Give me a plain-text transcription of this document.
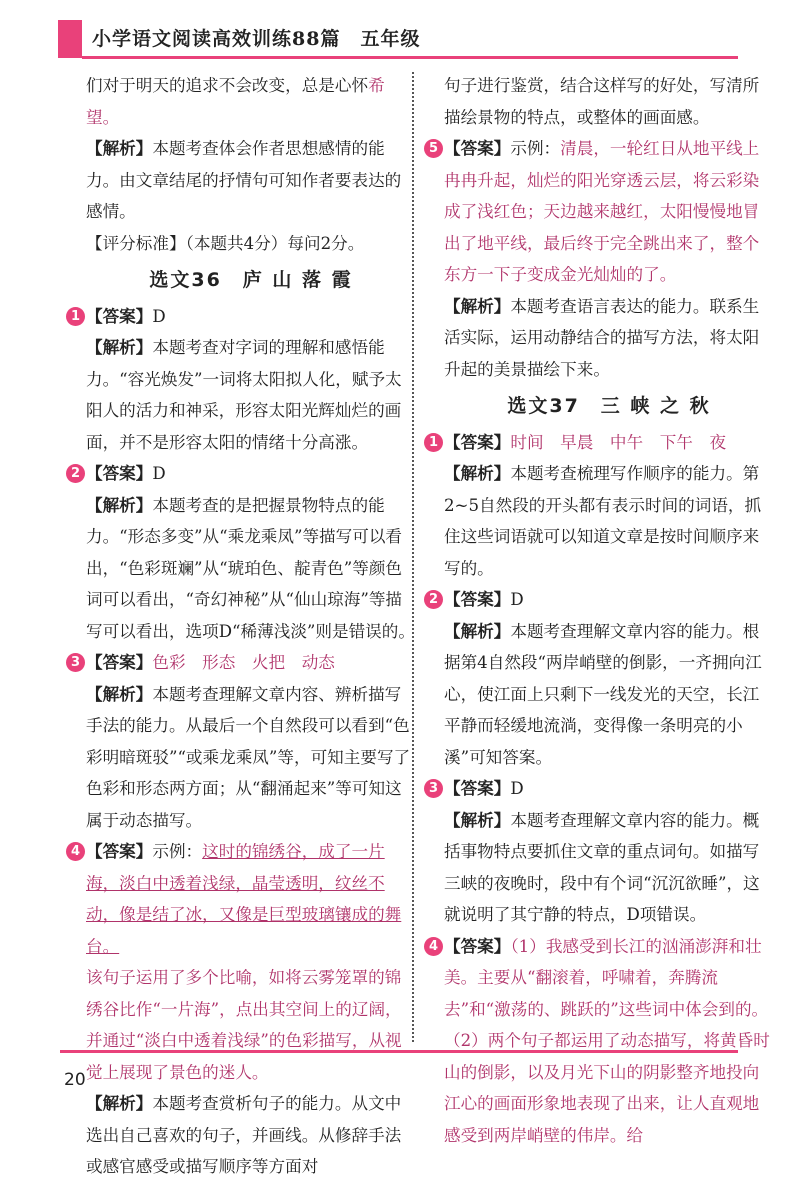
小学语文阅读高效训练88篇　五年级

们对于明天的追求不会改变，总是心怀希望。

【解析】本题考查体会作者思想感情的能力。由文章结尾的抒情句可知作者要表达的感情。

【评分标准】（本题共4分）每问2分。

选文36　庐 山 落 霞
1 【答案】D

【解析】本题考查对字词的理解和感悟能力。“容光焕发”一词将太阳拟人化，赋予太阳人的活力和神采，形容太阳光辉灿烂的画面，并不是形容太阳的情绪十分高涨。

2 【答案】D

【解析】本题考查的是把握景物特点的能力。“形态多变”从“乘龙乘凤”等描写可以看出，“色彩斑斓”从“琥珀色、靛青色”等颜色词可以看出，“奇幻神秘”从“仙山琼海”等描写可以看出，选项D“稀薄浅淡”则是错误的。

3 【答案】色彩　形态　火把　动态

【解析】本题考查理解文章内容、辨析描写手法的能力。从最后一个自然段可以看到“色彩明暗斑驳”“或乘龙乘凤”等，可知主要写了色彩和形态两方面；从“翻涌起来”等可知这属于动态描写。

4 【答案】示例：这时的锦绣谷，成了一片海，淡白中透着浅绿，晶莹透明，纹丝不动，像是结了冰，又像是巨型玻璃镶成的舞台。

该句子运用了多个比喻，如将云雾笼罩的锦绣谷比作“一片海”，点出其空间上的辽阔，并通过“淡白中透着浅绿”的色彩描写，从视觉上展现了景色的迷人。

【解析】本题考查赏析句子的能力。从文中选出自己喜欢的句子，并画线。从修辞手法或感官感受或描写顺序等方面对

句子进行鉴赏，结合这样写的好处，写清所描绘景物的特点，或整体的画面感。

5 【答案】示例：清晨，一轮红日从地平线上冉冉升起，灿烂的阳光穿透云层，将云彩染成了浅红色；天边越来越红，太阳慢慢地冒出了地平线，最后终于完全跳出来了，整个东方一下子变成金光灿灿的了。

【解析】本题考查语言表达的能力。联系生活实际，运用动静结合的描写方法，将太阳升起的美景描绘下来。

选文37　三 峡 之 秋
1 【答案】时间　早晨　中午　下午　夜

【解析】本题考查梳理写作顺序的能力。第2~5自然段的开头都有表示时间的词语，抓住这些词语就可以知道文章是按时间顺序来写的。

2 【答案】D

【解析】本题考查理解文章内容的能力。根据第4自然段“两岸峭壁的倒影，一齐拥向江心，使江面上只剩下一线发光的天空，长江平静而轻缓地流淌，变得像一条明亮的小溪”可知答案。

3 【答案】D

【解析】本题考查理解文章内容的能力。概括事物特点要抓住文章的重点词句。如描写三峡的夜晚时，段中有个词“沉沉欲睡”，这就说明了其宁静的特点，D项错误。

4 【答案】（1）我感受到长江的汹涌澎湃和壮美。主要从“翻滚着，呼啸着，奔腾流去”和“激荡的、跳跃的”这些词中体会到的。

（2）两个句子都运用了动态描写，将黄昏时山的倒影，以及月光下山的阴影整齐地投向江心的画面形象地表现了出来，让人直观地感受到两岸峭壁的伟岸。给

20
